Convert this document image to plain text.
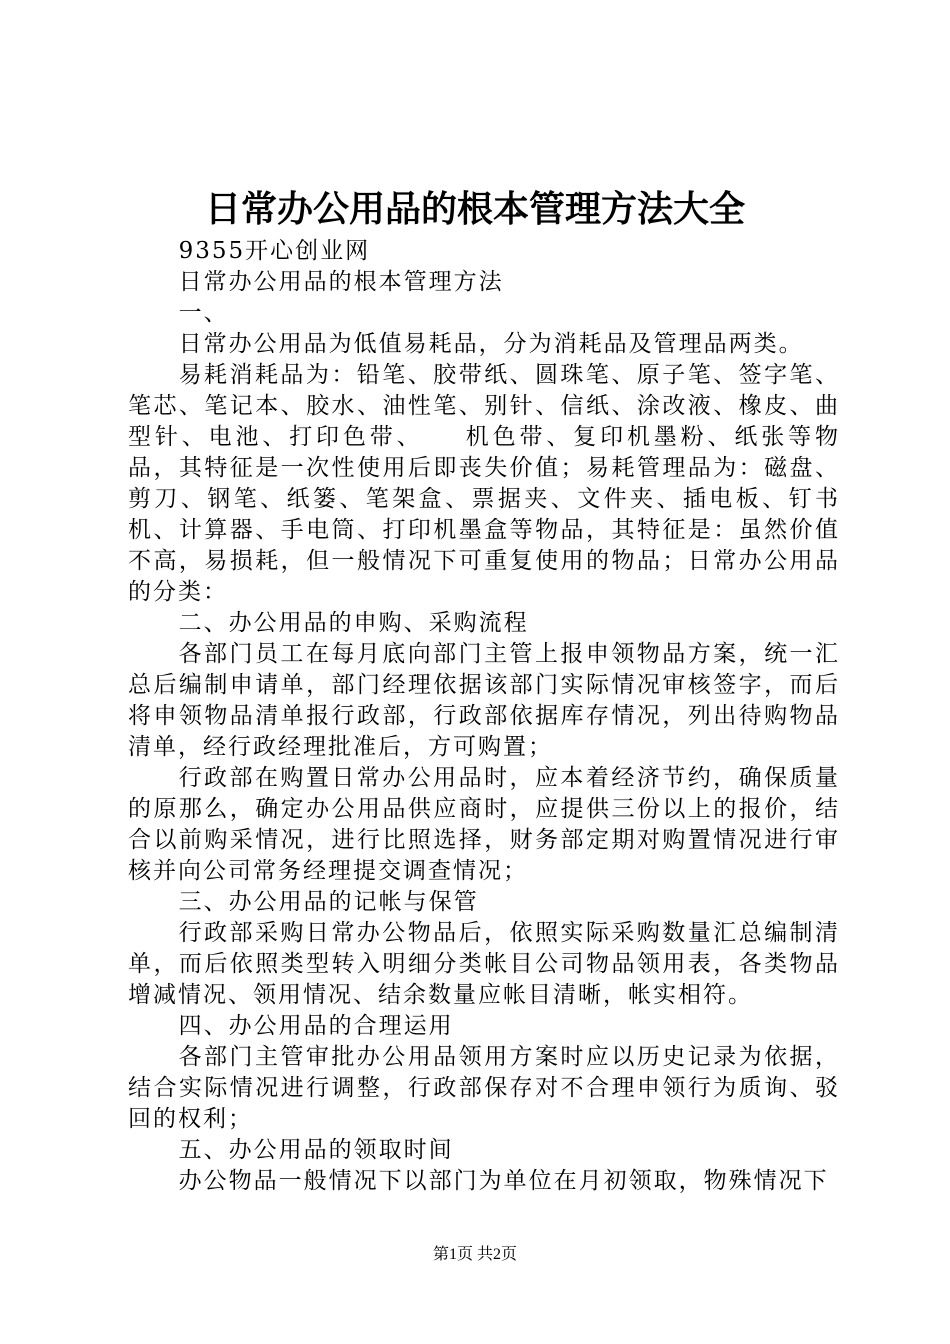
日常办公用品的根本管理方法大全

9355开心创业网

日常办公用品的根本管理方法

一、

日常办公用品为低值易耗品，分为消耗品及管理品两类。

易耗消耗品为：铅笔、胶带纸、圆珠笔、原子笔、签字笔、笔芯、笔记本、胶水、油性笔、别针、信纸、涂改液、橡皮、曲型针、电池、打印色带、　　机色带、复印机墨粉、纸张等物品，其特征是一次性使用后即丧失价值；易耗管理品为：磁盘、剪刀、钢笔、纸篓、笔架盒、票据夹、文件夹、插电板、钉书机、计算器、手电筒、打印机墨盒等物品，其特征是：虽然价值不高，易损耗，但一般情况下可重复使用的物品；日常办公用品的分类：

二、办公用品的申购、采购流程

各部门员工在每月底向部门主管上报申领物品方案，统一汇总后编制申请单，部门经理依据该部门实际情况审核签字，而后将申领物品清单报行政部，行政部依据库存情况，列出待购物品清单，经行政经理批准后，方可购置；

行政部在购置日常办公用品时，应本着经济节约，确保质量的原那么，确定办公用品供应商时，应提供三份以上的报价，结合以前购采情况，进行比照选择，财务部定期对购置情况进行审核并向公司常务经理提交调查情况；

三、办公用品的记帐与保管

行政部采购日常办公物品后，依照实际采购数量汇总编制清单，而后依照类型转入明细分类帐目公司物品领用表，各类物品增减情况、领用情况、结余数量应帐目清晰，帐实相符。

四、办公用品的合理运用

各部门主管审批办公用品领用方案时应以历史记录为依据，结合实际情况进行调整，行政部保存对不合理申领行为质询、驳回的权利；

五、办公用品的领取时间

办公物品一般情况下以部门为单位在月初领取，物殊情况下

第1页 共2页
